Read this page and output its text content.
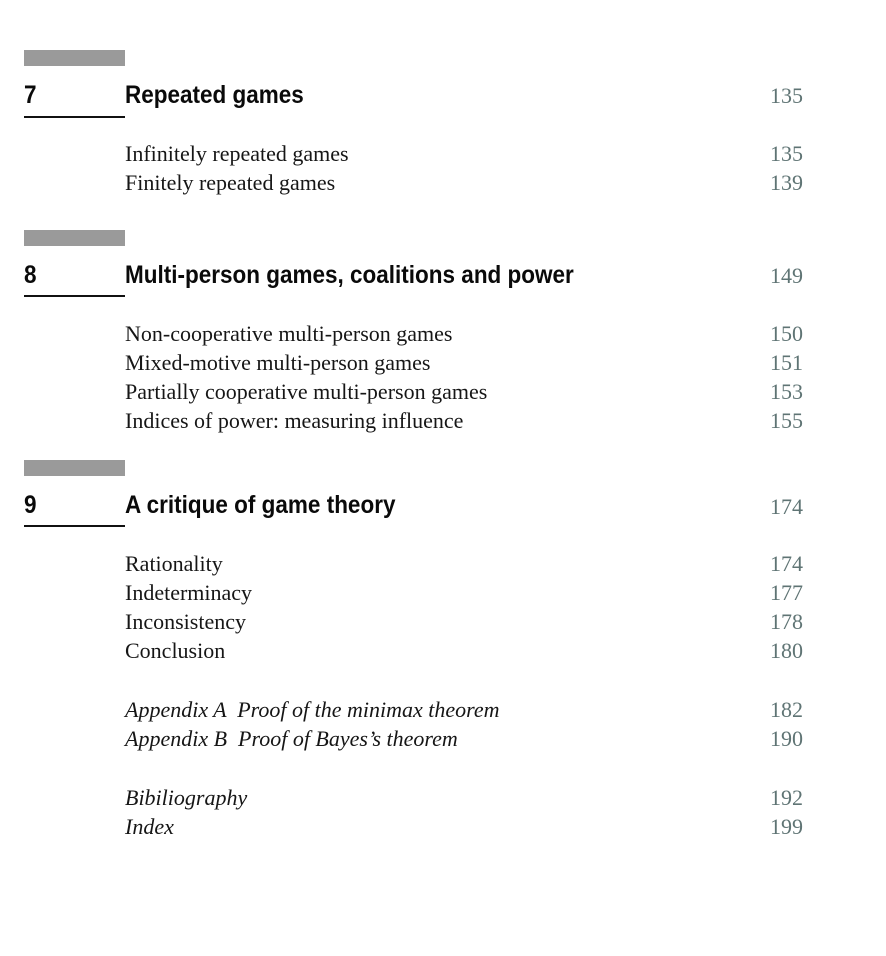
7	Repeated games	135
Infinitely repeated games	135
Finitely repeated games	139
8	Multi-person games, coalitions and power	149
Non-cooperative multi-person games	150
Mixed-motive multi-person games	151
Partially cooperative multi-person games	153
Indices of power: measuring influence	155
9	A critique of game theory	174
Rationality	174
Indeterminacy	177
Inconsistency	178
Conclusion	180
Appendix A  Proof of the minimax theorem	182
Appendix B  Proof of Bayes’s theorem	190
Bibiliography	192
Index	199
